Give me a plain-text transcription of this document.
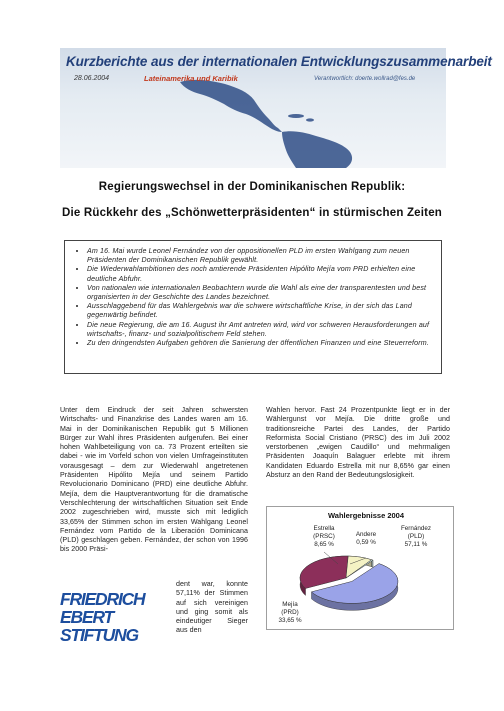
Kurzberichte aus der internationalen Entwicklungszusammenarbeit
28.06.2004	Lateinamerika und Karibik	Verantwortlich: doerte.wollrad@fes.de
Regierungswechsel in der Dominikanischen Republik:
Die Rückkehr des „Schönwetterpräsidenten“ in stürmischen Zeiten
• Am 16. Mai wurde Leonel Fernández von der oppositionellen PLD im ersten Wahlgang zum neuen Präsidenten der Dominikanischen Republik gewählt.
• Die Wiederwahlambitionen des noch amtierende Präsidenten Hipólito Mejía vom PRD erhielten eine deutliche Abfuhr.
• Von nationalen wie internationalen Beobachtern wurde die Wahl als eine der transparentesten und best organisierten in der Geschichte des Landes bezeichnet.
• Ausschlaggebend für das Wahlergebnis war die schwere wirtschaftliche Krise, in der sich das Land gegenwärtig befindet.
• Die neue Regierung, die am 16. August ihr Amt antreten wird, wird vor schweren Herausforderungen auf wirtschafts-, finanz- und sozialpolitischem Feld stehen.
• Zu den dringendsten Aufgaben gehören die Sanierung der öffentlichen Finanzen und eine Steuerreform.
Unter dem Eindruck der seit Jahren schwersten Wirtschafts- und Finanzkrise des Landes waren am 16. Mai in der Dominikanischen Republik gut 5 Millionen Bürger zur Wahl ihres Präsidenten aufgerufen. Bei einer hohen Wahlbeteiligung von ca. 73 Prozent erteilten sie dabei - wie im Vorfeld schon von vielen Umfrageinstituten vorausgesagt – dem zur Wiederwahl angetretenen Präsidenten Hipólito Mejía und seinem Partido Revolucionario Dominicano (PRD) eine deutliche Abfuhr. Mejía, dem die Hauptverantwortung für die dramatische Verschlechterung der wirtschaftlichen Situation seit Ende 2002 zugeschrieben wird, musste sich mit lediglich 33,65% der Stimmen schon im ersten Wahlgang Leonel Fernández vom Partido de la Liberación Dominicana (PLD) geschlagen geben. Fernández, der schon von 1996 bis 2000 Präsi-
dent war, konnte 57,11% der Stimmen auf sich vereinigen und ging somit als eindeutiger Sieger aus den
Wahlen hervor. Fast 24 Prozentpunkte liegt er in der Wählergunst vor Mejía. Die dritte große und traditionsreiche Partei des Landes, der Partido Reformista Social Cristiano (PRSC) des im Juli 2002 verstorbenen „ewigen Caudillo“ und mehrmaligen Präsidenten Joaquín Balaguer erlebte mit ihrem Kandidaten Eduardo Estrella mit nur 8,65% gar einen Absturz an den Rand der Bedeutungslosigkeit.
FRIEDRICH
EBERT
STIFTUNG
Wahlergebnisse 2004
Fernández
(PLD)
57,11 %
Mejía
(PRD)
33,65 %
Estrella
(PRSC)
8,65 %
Andere
0,59 %
